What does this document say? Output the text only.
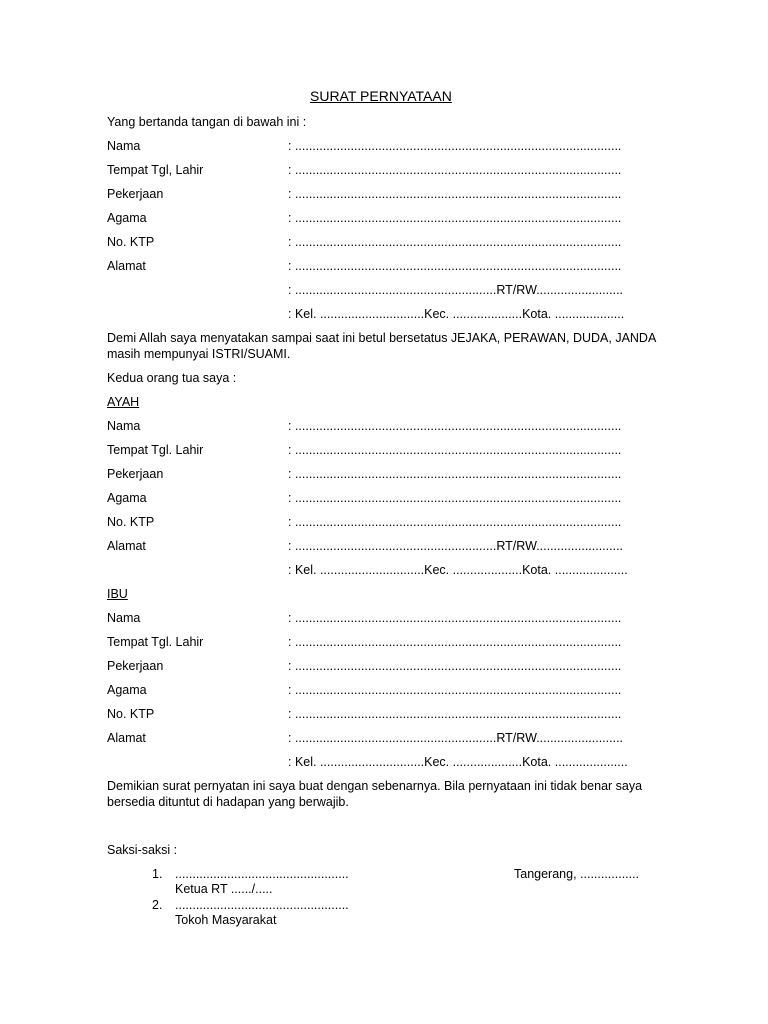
SURAT PERNYATAAN
Yang bertanda tangan di bawah ini :
Nama	: ..............................................................................................
Tempat Tgl, Lahir	: ..............................................................................................
Pekerjaan	: ..............................................................................................
Agama	: ..............................................................................................
No. KTP	: ..............................................................................................
Alamat	: ..............................................................................................
: ..........................................................RT/RW.........................
: Kel. ..............................Kec. ....................Kota. ....................
Demi Allah saya menyatakan sampai saat ini betul bersetatus JEJAKA, PERAWAN, DUDA, JANDA masih mempunyai ISTRI/SUAMI.
Kedua orang tua saya :
AYAH
Nama	: ..............................................................................................
Tempat Tgl. Lahir	: ..............................................................................................
Pekerjaan	: ..............................................................................................
Agama	: ..............................................................................................
No. KTP	: ..............................................................................................
Alamat	: ..........................................................RT/RW.........................
: Kel. ..............................Kec. ....................Kota. .....................
IBU
Nama	: ..............................................................................................
Tempat Tgl. Lahir	: ..............................................................................................
Pekerjaan	: ..............................................................................................
Agama	: ..............................................................................................
No. KTP	: ..............................................................................................
Alamat	: ..........................................................RT/RW.........................
: Kel. ..............................Kec. ....................Kota. .....................
Demikian surat pernyatan ini saya buat dengan sebenarnya. Bila pernyataan ini tidak benar saya bersedia dituntut di hadapan yang berwajib.
Saksi-saksi :
1. ..................................................
Ketua RT ....../.....
2. ..................................................
Tokoh Masyarakat
Tangerang, .................
